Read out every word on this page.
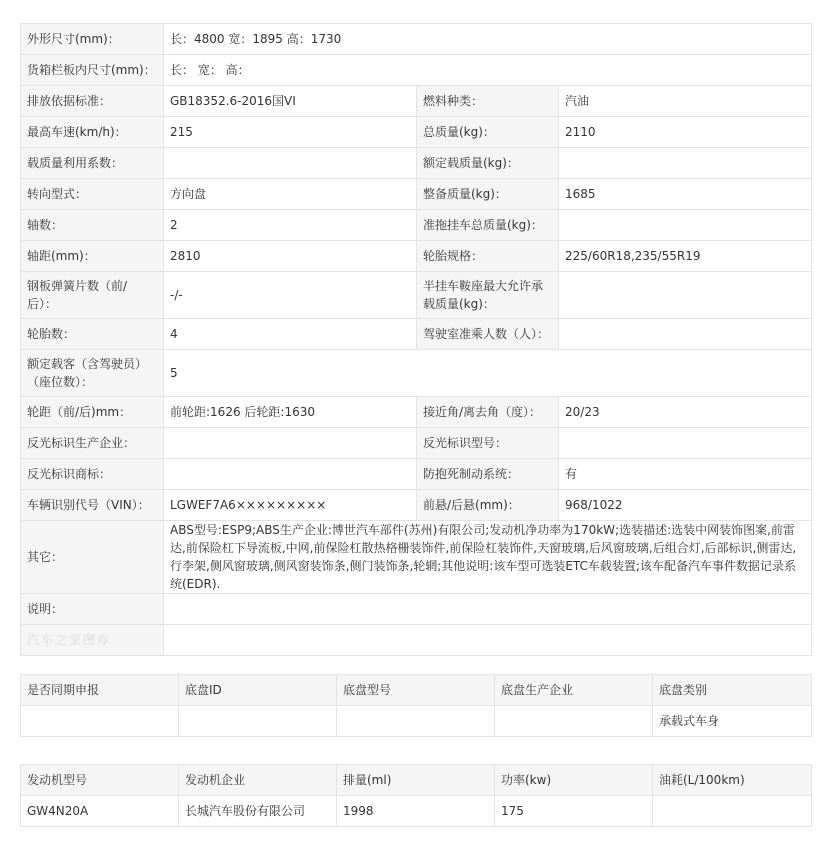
外形尺寸(mm)：	长：4800 宽：1895 高：1730		
货箱栏板内尺寸(mm)：	长： 宽： 高：		
排放依据标准：	GB18352.6-2016国VI	燃料种类：	汽油
最高车速(km/h)：	215	总质量(kg)：	2110
载质量利用系数：		额定载质量(kg)：	
转向型式：	方向盘	整备质量(kg)：	1685
轴数：	2	准拖挂车总质量(kg)：	
轴距(mm)：	2810	轮胎规格：	225/60R18,235/55R19
钢板弹簧片数（前/后）：	-/-	半挂车鞍座最大允许承载质量(kg)：	
轮胎数：	4	驾驶室准乘人数（人）：	
额定载客（含驾驶员）（座位数）：	5		
轮距（前/后)mm：	前轮距:1626 后轮距:1630	接近角/离去角（度）：	20/23
反光标识生产企业：		反光标识型号：	
反光标识商标：		防抱死制动系统：	有
车辆识别代号（VIN）：	LGWEF7A6×××××××××	前悬/后悬(mm)：	968/1022
其它：	ABS型号:ESP9;ABS生产企业:博世汽车部件(苏州)有限公司;发动机净功率为170kW;选装描述:选装中网装饰图案,前雷达,前保险杠下导流板,中网,前保险杠散热格栅装饰件,前保险杠装饰件,天窗玻璃,后风窗玻璃,后组合灯,后部标识,侧雷达,行李架,侧风窗玻璃,侧风窗装饰条,侧门装饰条,轮辋;其他说明:该车型可选装ETC车载装置;该车配备汽车事件数据记录系统(EDR).		
说明：			
汽车之家图库			
是否同期申报	底盘ID	底盘型号	底盘生产企业	底盘类别
				承载式车身
发动机型号	发动机企业	排量(ml)	功率(kw)	油耗(L/100km)
GW4N20A	长城汽车股份有限公司	1998	175	
